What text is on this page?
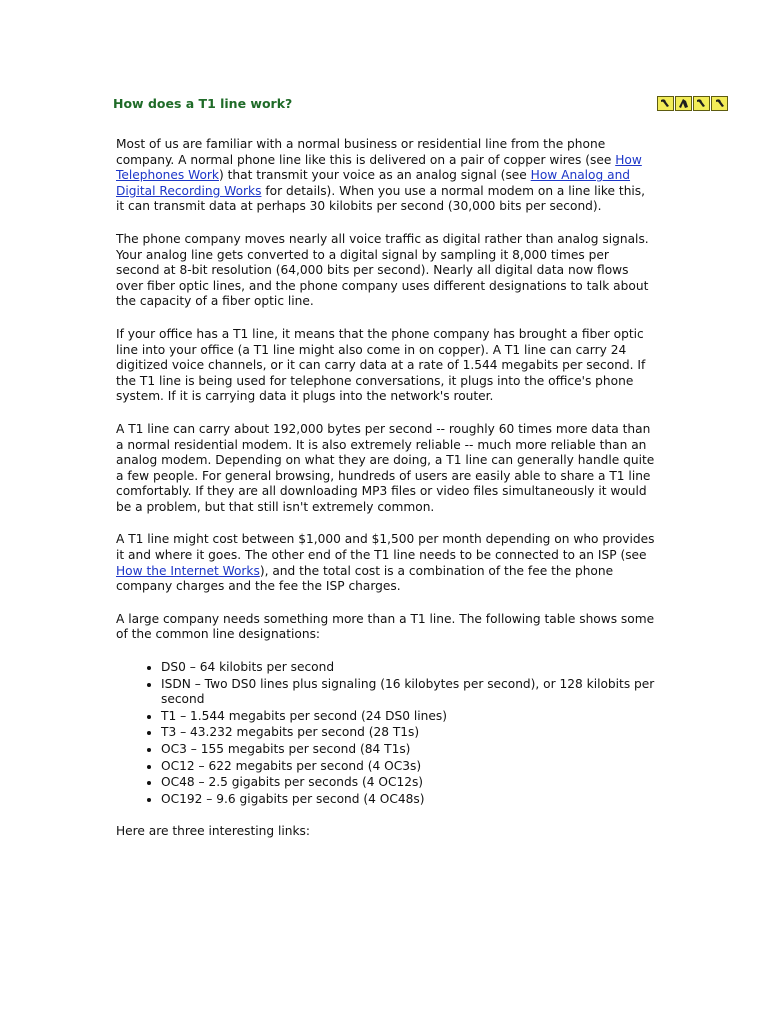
How does a T1 line work?

Most of us are familiar with a normal business or residential line from the phone company. A normal phone line like this is delivered on a pair of copper wires (see How Telephones Work) that transmit your voice as an analog signal (see How Analog and Digital Recording Works for details). When you use a normal modem on a line like this, it can transmit data at perhaps 30 kilobits per second (30,000 bits per second).

The phone company moves nearly all voice traffic as digital rather than analog signals. Your analog line gets converted to a digital signal by sampling it 8,000 times per second at 8-bit resolution (64,000 bits per second). Nearly all digital data now flows over fiber optic lines, and the phone company uses different designations to talk about the capacity of a fiber optic line.

If your office has a T1 line, it means that the phone company has brought a fiber optic line into your office (a T1 line might also come in on copper). A T1 line can carry 24 digitized voice channels, or it can carry data at a rate of 1.544 megabits per second. If the T1 line is being used for telephone conversations, it plugs into the office's phone system. If it is carrying data it plugs into the network's router.

A T1 line can carry about 192,000 bytes per second -- roughly 60 times more data than a normal residential modem. It is also extremely reliable -- much more reliable than an analog modem. Depending on what they are doing, a T1 line can generally handle quite a few people. For general browsing, hundreds of users are easily able to share a T1 line comfortably. If they are all downloading MP3 files or video files simultaneously it would be a problem, but that still isn't extremely common.

A T1 line might cost between $1,000 and $1,500 per month depending on who provides it and where it goes. The other end of the T1 line needs to be connected to an ISP (see How the Internet Works), and the total cost is a combination of the fee the phone company charges and the fee the ISP charges.

A large company needs something more than a T1 line. The following table shows some of the common line designations:

• DS0 – 64 kilobits per second
• ISDN – Two DS0 lines plus signaling (16 kilobytes per second), or 128 kilobits per second
• T1 – 1.544 megabits per second (24 DS0 lines)
• T3 – 43.232 megabits per second (28 T1s)
• OC3 – 155 megabits per second (84 T1s)
• OC12 – 622 megabits per second (4 OC3s)
• OC48 – 2.5 gigabits per seconds (4 OC12s)
• OC192 – 9.6 gigabits per second (4 OC48s)

Here are three interesting links:
